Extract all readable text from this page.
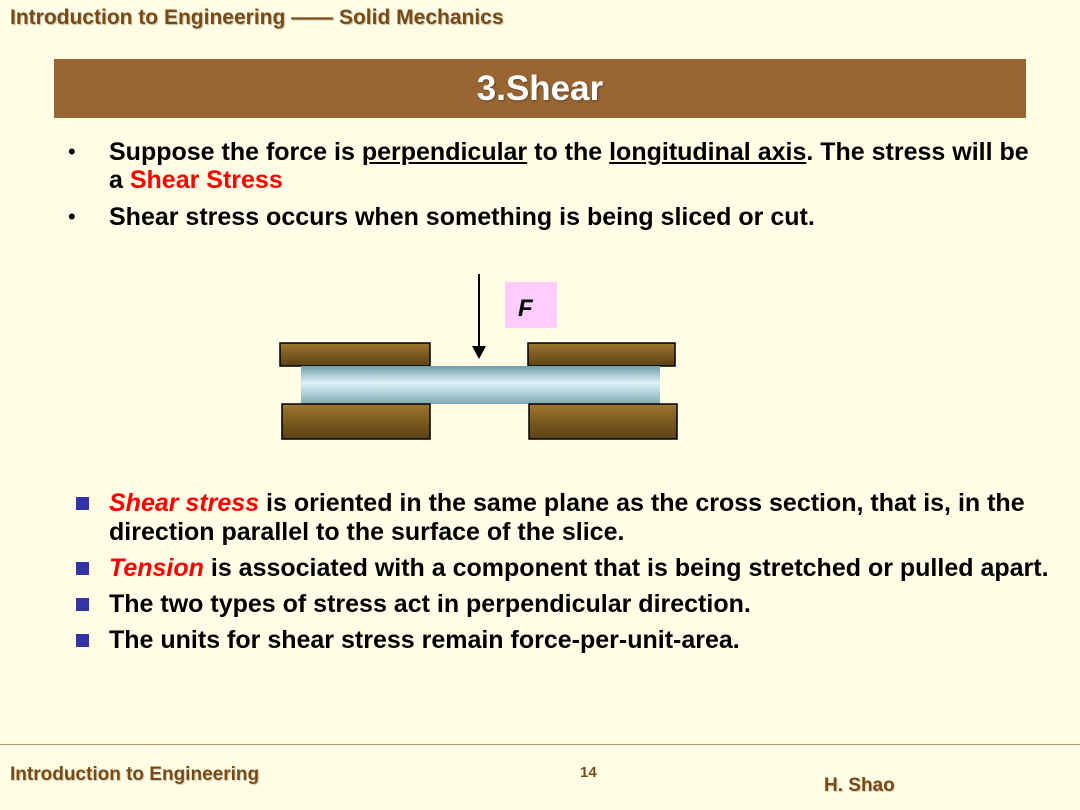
Introduction to Engineering —— Solid Mechanics
3.Shear
• Suppose the force is perpendicular to the longitudinal axis. The stress will be a Shear Stress
• Shear stress occurs when something is being sliced or cut.
F
Shear stress is oriented in the same plane as the cross section, that is, in the direction parallel to the surface of the slice.
Tension is associated with a component that is being stretched or pulled apart.
The two types of stress act in perpendicular direction.
The units for shear stress remain force-per-unit-area.
Introduction to Engineering	14
H. Shao
